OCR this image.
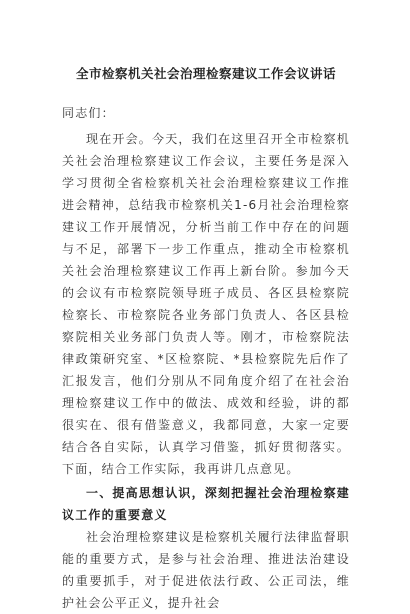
全市检察机关社会治理检察建议工作会议讲话

同志们：

现在开会。今天，我们在这里召开全市检察机关社会治理检察建议工作会议，主要任务是深入学习贯彻全省检察机关社会治理检察建议工作推进会精神，总结我市检察机关1-6月社会治理检察建议工作开展情况，分析当前工作中存在的问题与不足，部署下一步工作重点，推动全市检察机关社会治理检察建议工作再上新台阶。参加今天的会议有市检察院领导班子成员、各区县检察院检察长、市检察院各业务部门负责人、各区县检察院相关业务部门负责人等。刚才，市检察院法律政策研究室、*区检察院、*县检察院先后作了汇报发言，他们分别从不同角度介绍了在社会治理检察建议工作中的做法、成效和经验，讲的都很实在、很有借鉴意义，我都同意，大家一定要结合各自实际，认真学习借鉴，抓好贯彻落实。下面，结合工作实际，我再讲几点意见。

一、提高思想认识，深刻把握社会治理检察建议工作的重要意义

社会治理检察建议是检察机关履行法律监督职能的重要方式，是参与社会治理、推进法治建设的重要抓手，对于促进依法行政、公正司法，维护社会公平正义，提升社会
